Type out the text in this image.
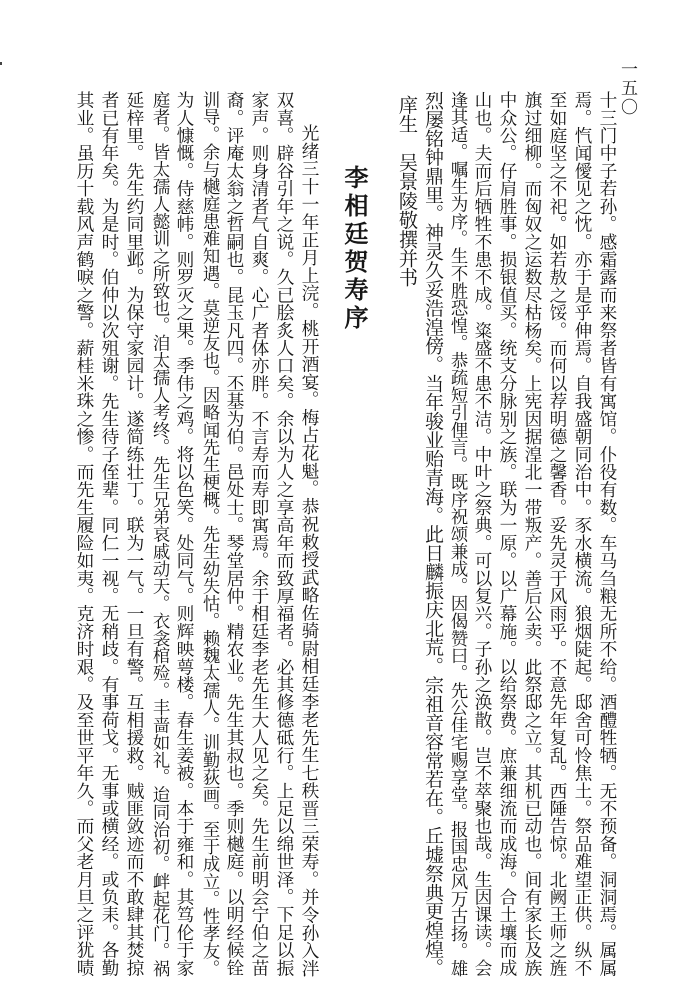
一五〇
十三门中子若孙。感霜露而来祭者皆有寓馆。仆役有数。车马刍粮无所不给。酒醴牲牺。无不预备。洞洞焉。属属
焉。忾闻僾见之忱。亦于是乎伸焉。自我盛朝同治中。豕水横流。狼烟陡起。邸舍可怜焦土。祭品难望正供。纵不
至如庭坚之不祀。如若敖之馁。而何以荐明德之馨香。妥先灵于风雨乎。不意先年复乱。西陲告惊。北阙王师之旌
旗过细柳。而匈奴之运数尽枯杨矣。上宪因据湟北一带叛产。善后公卖。此祭邸之立。其机已动也。间有家长及族
中众公。仔肩胜事。损银值买。统支分脉别之族。联为一原。以广幕施。以给祭费。庶兼细流而成海。合土壤而成
山也。夫而后牺牲不患不成。粢盛不患不洁。中叶之祭典。可以复兴。子孙之涣散。岂不萃聚也哉。生因课读。会
逢其适。嘱生为序。生不胜恐惶。恭疏短引俚言。既序祝颂兼成。因偈赞曰。先公佳宅赐享堂。报国忠风万古扬。雄
烈屡铭钟鼎里。神灵久妥浩湟傍。当年骏业贻青海。此日麟振庆北荒。宗祖音容常若在。丘墟祭典更煌煌。
庠生　吴景陵敬撰并书
李相廷贺寿序
光绪三十一年正月上浣。桃开酒宴。梅占花魁。恭祝敕授武略佐骑尉相廷李老先生七秩晋三荣寿。并令孙入泮
双喜。辟谷引年之说。久已脍炙人口矣。余以为人之享高年而致厚福者。必其修德砥行。上足以绵世泽。下足以振
家声。则身清者气自爽。心广者体亦胖。不言寿而寿即寓焉。余于相廷李老先生大人见之矣。先生前明会宁伯之苗
裔。评庵太翁之哲嗣也。昆玉凡四。丕基为伯。邑处士。琴堂居仲。精农业。先生其叔也。季则樾庭。以明经候铨
训导。余与樾庭患难知遇。莫逆友也。因略闻先生梗概。先生幼失怙。赖魏太孺人。训勤荻画。至于成立。性孝友。
为人慷慨。侍慈帏。则罗灭之果。季伟之鸡。将以色笑。处同气。则辉映萼楼。春生姜被。本于雍和。其笃伦于家
庭者。皆太孺人懿训之所致也。洎太孺人考终。先生兄弟哀戚动天。衣衾棺殓。丰啬如礼。迨同治初。衅起花门。祸
延梓里。先生约同里邺。为保守家园计。遂简练壮丁。联为一气。一旦有警。互相援救。贼匪敛迹而不敢肆其焚掠
者已有年矣。为是时。伯仲以次殂谢。先生待子侄辈。同仁一视。无稍歧。有事荷戈。无事或横经。或负耒。各勤
其业。虽历十载风声鹤唳之警。薪桂米珠之惨。而先生履险如夷。克济时艰。及至世平年久。而父老月旦之评犹啧
